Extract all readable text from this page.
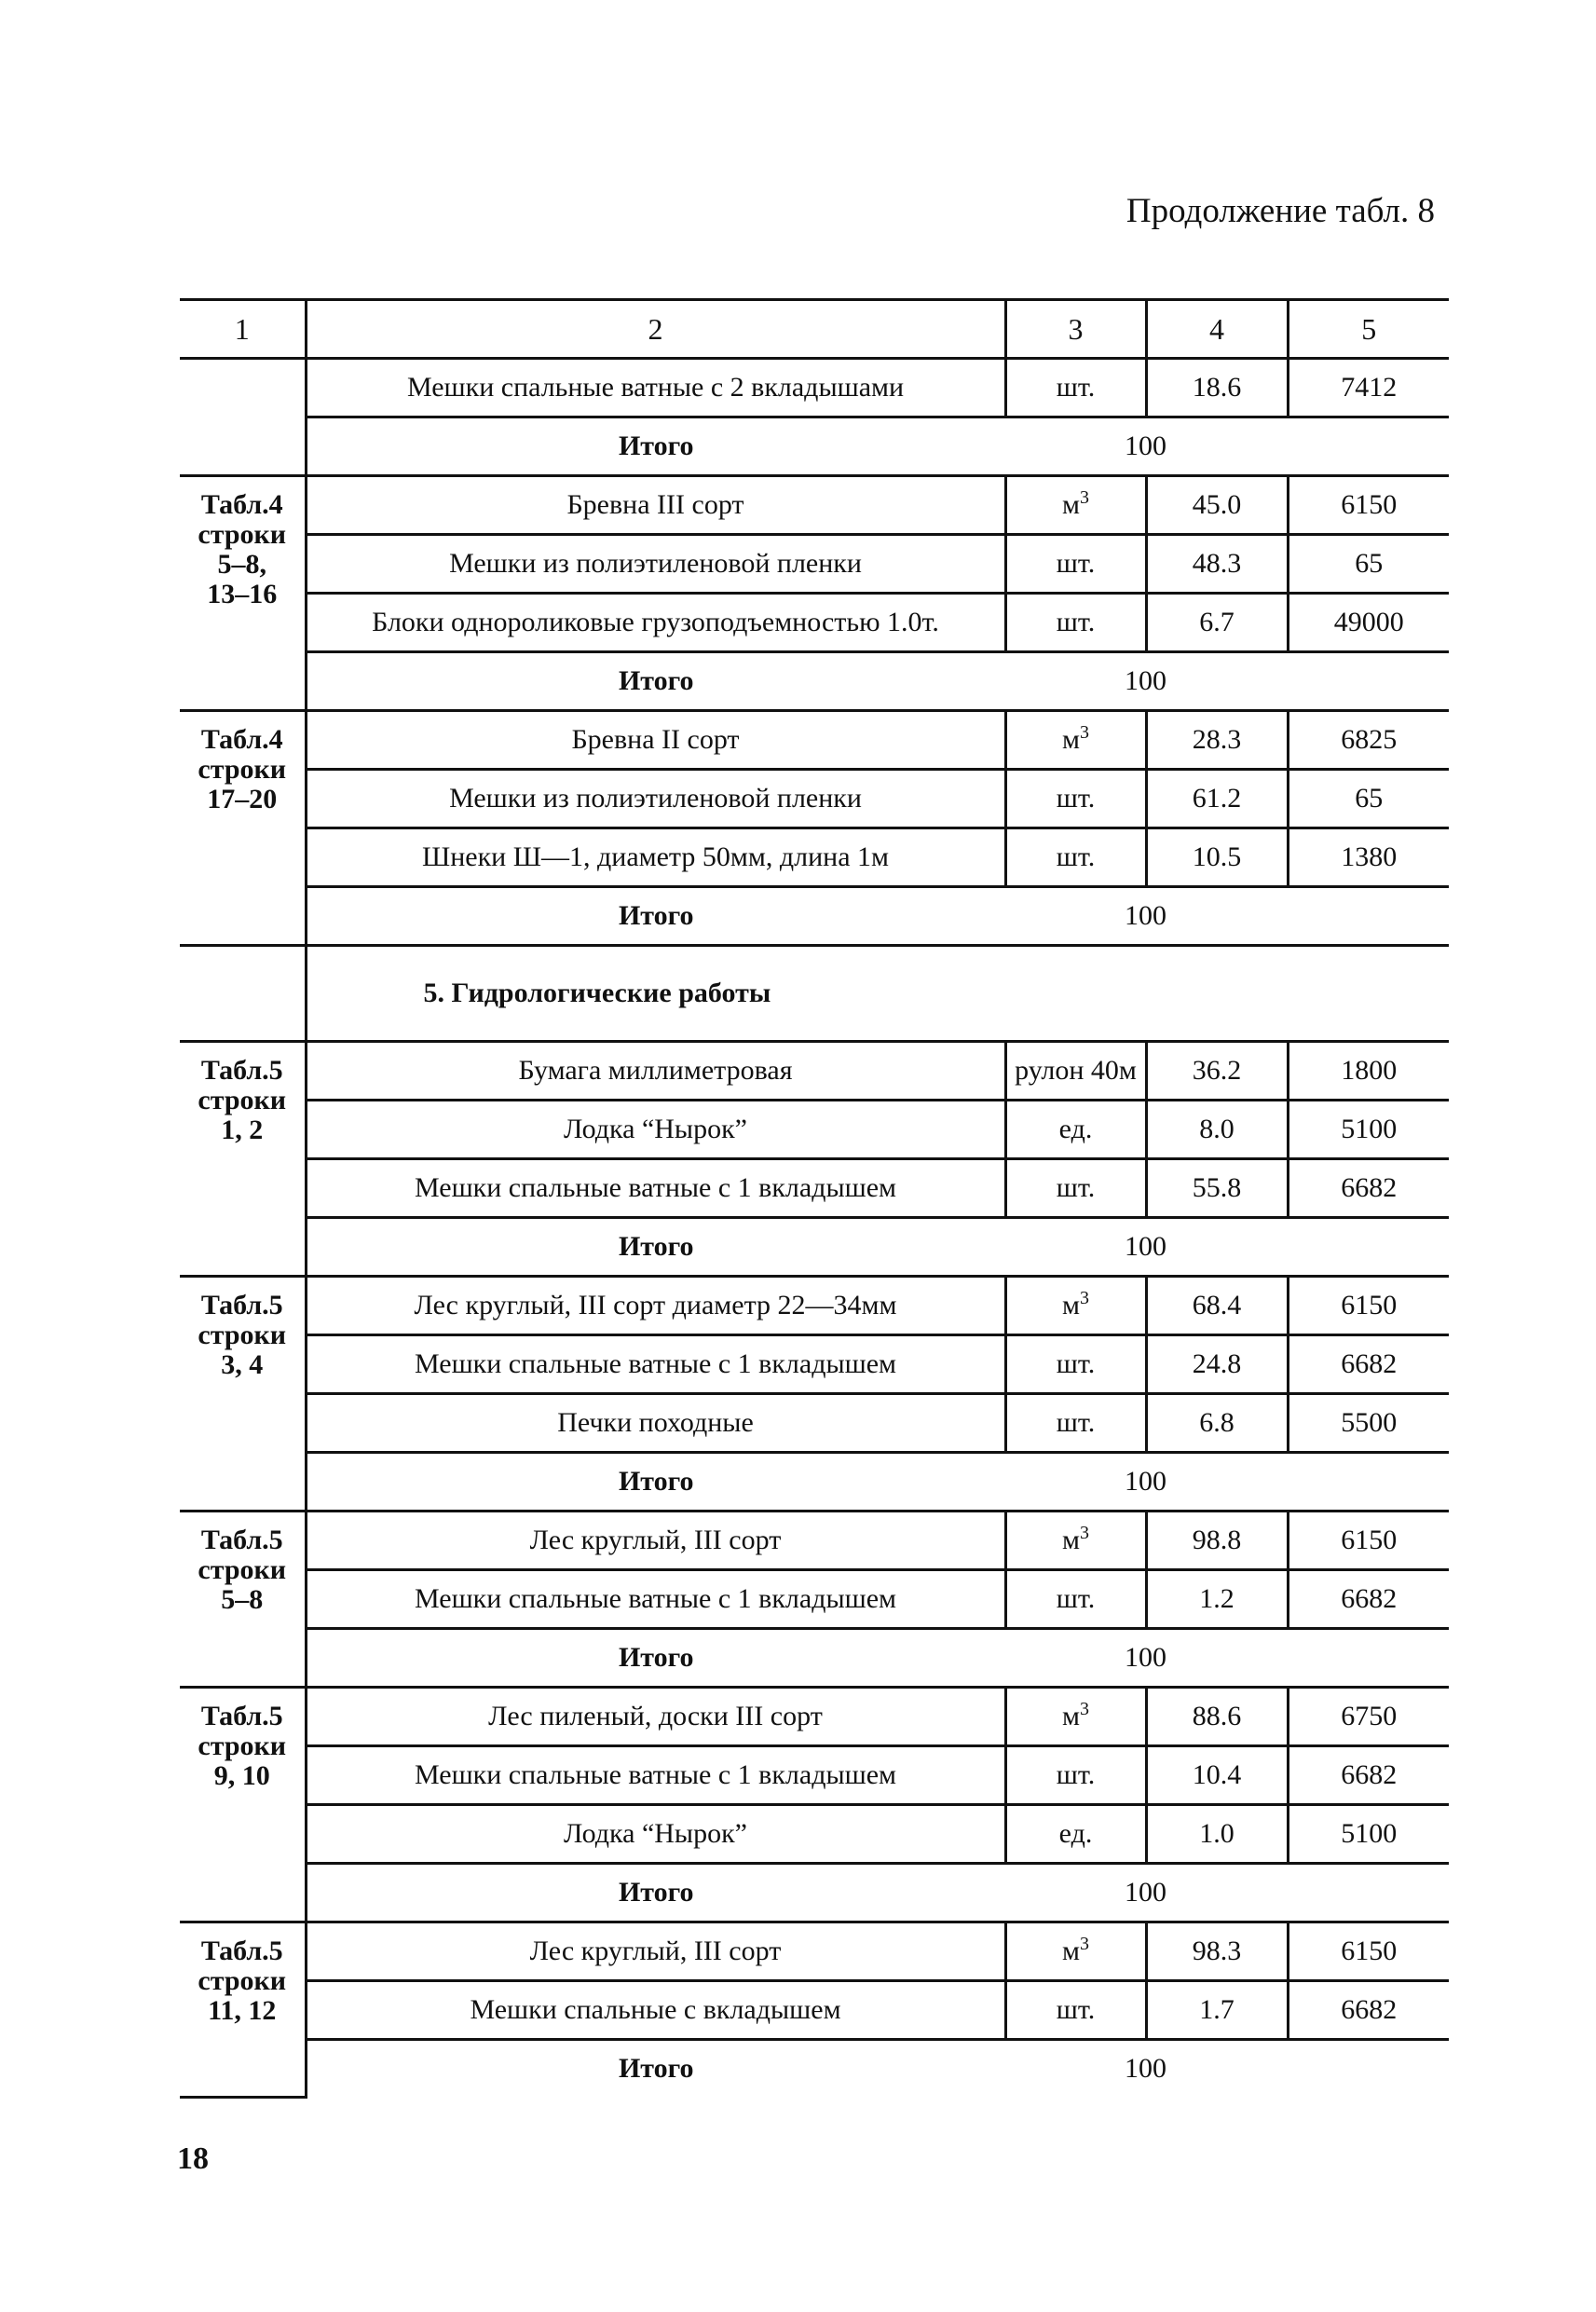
Продолжение табл. 8
1	2	3	4	5

	Мешки спальные ватные с 2 вкладышами	шт.	18.6	7412
	Итого	100		

Табл.4
строки
5–8,
13–16	Бревна III сорт	$м^3$	45.0	6150
	Мешки из полиэтиленовой пленки	шт.	48.3	65
	Блоки однороликовые грузоподъемностью 1.0т.	шт.	6.7	49000
	Итого	100		

Табл.4
строки
17–20	Бревна II сорт	$м^3$	28.3	6825
	Мешки из полиэтиленовой пленки	шт.	61.2	65
	Шнеки Ш—1, диаметр 50мм, длина 1м	шт.	10.5	1380
	Итого	100		
	5. Гидрологические работы			

Табл.5
строки
1, 2	Бумага миллиметровая	рулон 40м	36.2	1800
	Лодка “Нырок”	ед.	8.0	5100
	Мешки спальные ватные с 1 вкладышем	шт.	55.8	6682
	Итого	100		

Табл.5
строки
3, 4	Лес круглый, III сорт диаметр 22—34мм	$м^3$	68.4	6150
	Мешки спальные ватные с 1 вкладышем	шт.	24.8	6682
	Печки походные	шт.	6.8	5500
	Итого	100		

Табл.5
строки
5–8	Лес круглый, III сорт	$м^3$	98.8	6150
	Мешки спальные ватные с 1 вкладышем	шт.	1.2	6682
	Итого	100		

Табл.5
строки
9, 10	Лес пиленый, доски III сорт	$м^3$	88.6	6750
	Мешки спальные ватные с 1 вкладышем	шт.	10.4	6682
	Лодка “Нырок”	ед.	1.0	5100
	Итого	100		

Табл.5
строки
11, 12	Лес круглый, III сорт	$м^3$	98.3	6150
	Мешки спальные с вкладышем	шт.	1.7	6682
	Итого	100		
18
